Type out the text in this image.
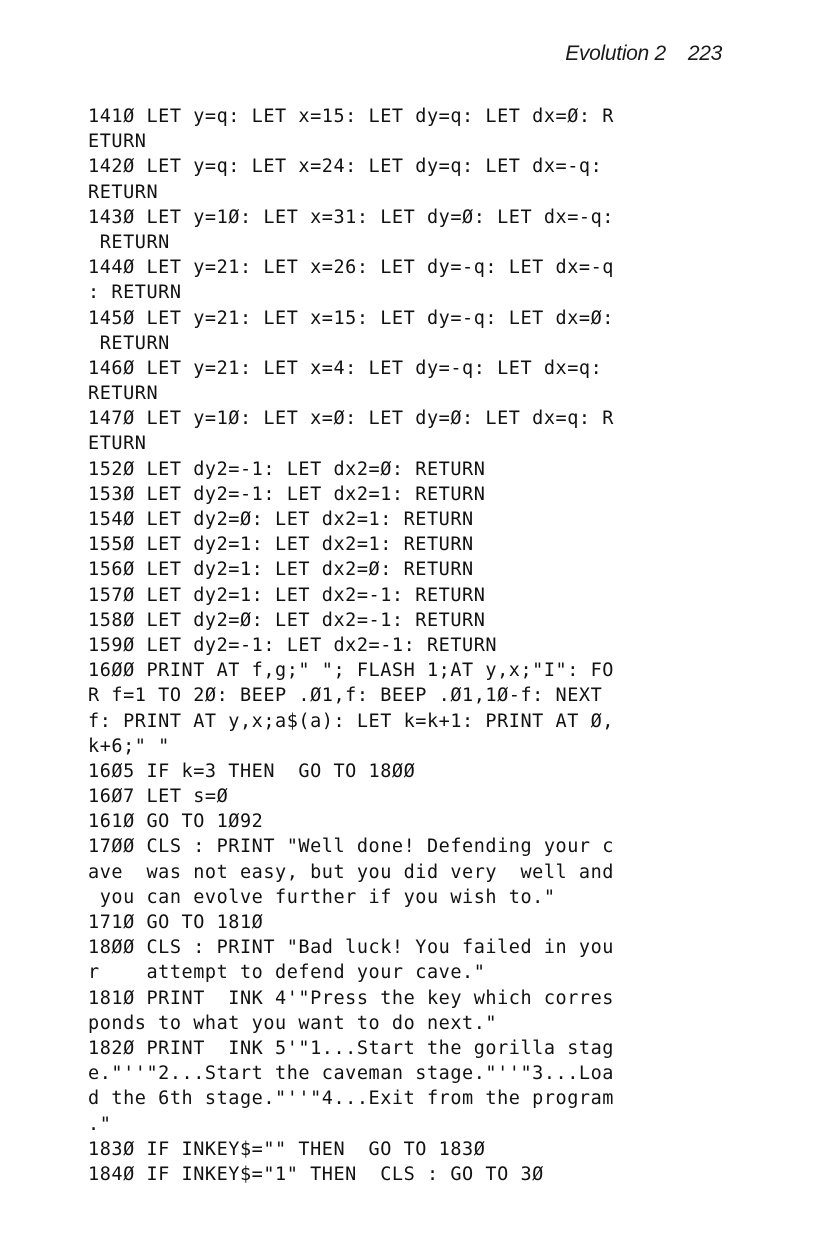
Evolution 2 223
141Ø LET y=q: LET x=15: LET dy=q: LET dx=Ø: R
ETURN
142Ø LET y=q: LET x=24: LET dy=q: LET dx=-q:
RETURN
143Ø LET y=1Ø: LET x=31: LET dy=Ø: LET dx=-q:
RETURN
144Ø LET y=21: LET x=26: LET dy=-q: LET dx=-q
: RETURN
145Ø LET y=21: LET x=15: LET dy=-q: LET dx=Ø:
RETURN
146Ø LET y=21: LET x=4: LET dy=-q: LET dx=q:
RETURN
147Ø LET y=1Ø: LET x=Ø: LET dy=Ø: LET dx=q: R
ETURN
152Ø LET dy2=-1: LET dx2=Ø: RETURN
153Ø LET dy2=-1: LET dx2=1: RETURN
154Ø LET dy2=Ø: LET dx2=1: RETURN
155Ø LET dy2=1: LET dx2=1: RETURN
156Ø LET dy2=1: LET dx2=Ø: RETURN
157Ø LET dy2=1: LET dx2=-1: RETURN
158Ø LET dy2=Ø: LET dx2=-1: RETURN
159Ø LET dy2=-1: LET dx2=-1: RETURN
16ØØ PRINT AT f,g;" "; FLASH 1;AT y,x;"I": FO
R f=1 TO 2Ø: BEEP .Ø1,f: BEEP .Ø1,1Ø-f: NEXT
f: PRINT AT y,x;a$(a): LET k=k+1: PRINT AT Ø,
k+6;" "
16Ø5 IF k=3 THEN  GO TO 18ØØ
16Ø7 LET s=Ø
161Ø GO TO 1Ø92
17ØØ CLS : PRINT "Well done! Defending your c
ave  was not easy, but you did very  well and
you can evolve further if you wish to."
171Ø GO TO 181Ø
18ØØ CLS : PRINT "Bad luck! You failed in you
r    attempt to defend your cave."
181Ø PRINT  INK 4'"Press the key which corres
ponds to what you want to do next."
182Ø PRINT  INK 5'"1...Start the gorilla stag
e."''"2...Start the caveman stage."''"3...Loa
d the 6th stage."''"4...Exit from the program
."
183Ø IF INKEY$="" THEN  GO TO 183Ø
184Ø IF INKEY$="1" THEN  CLS : GO TO 3Ø
